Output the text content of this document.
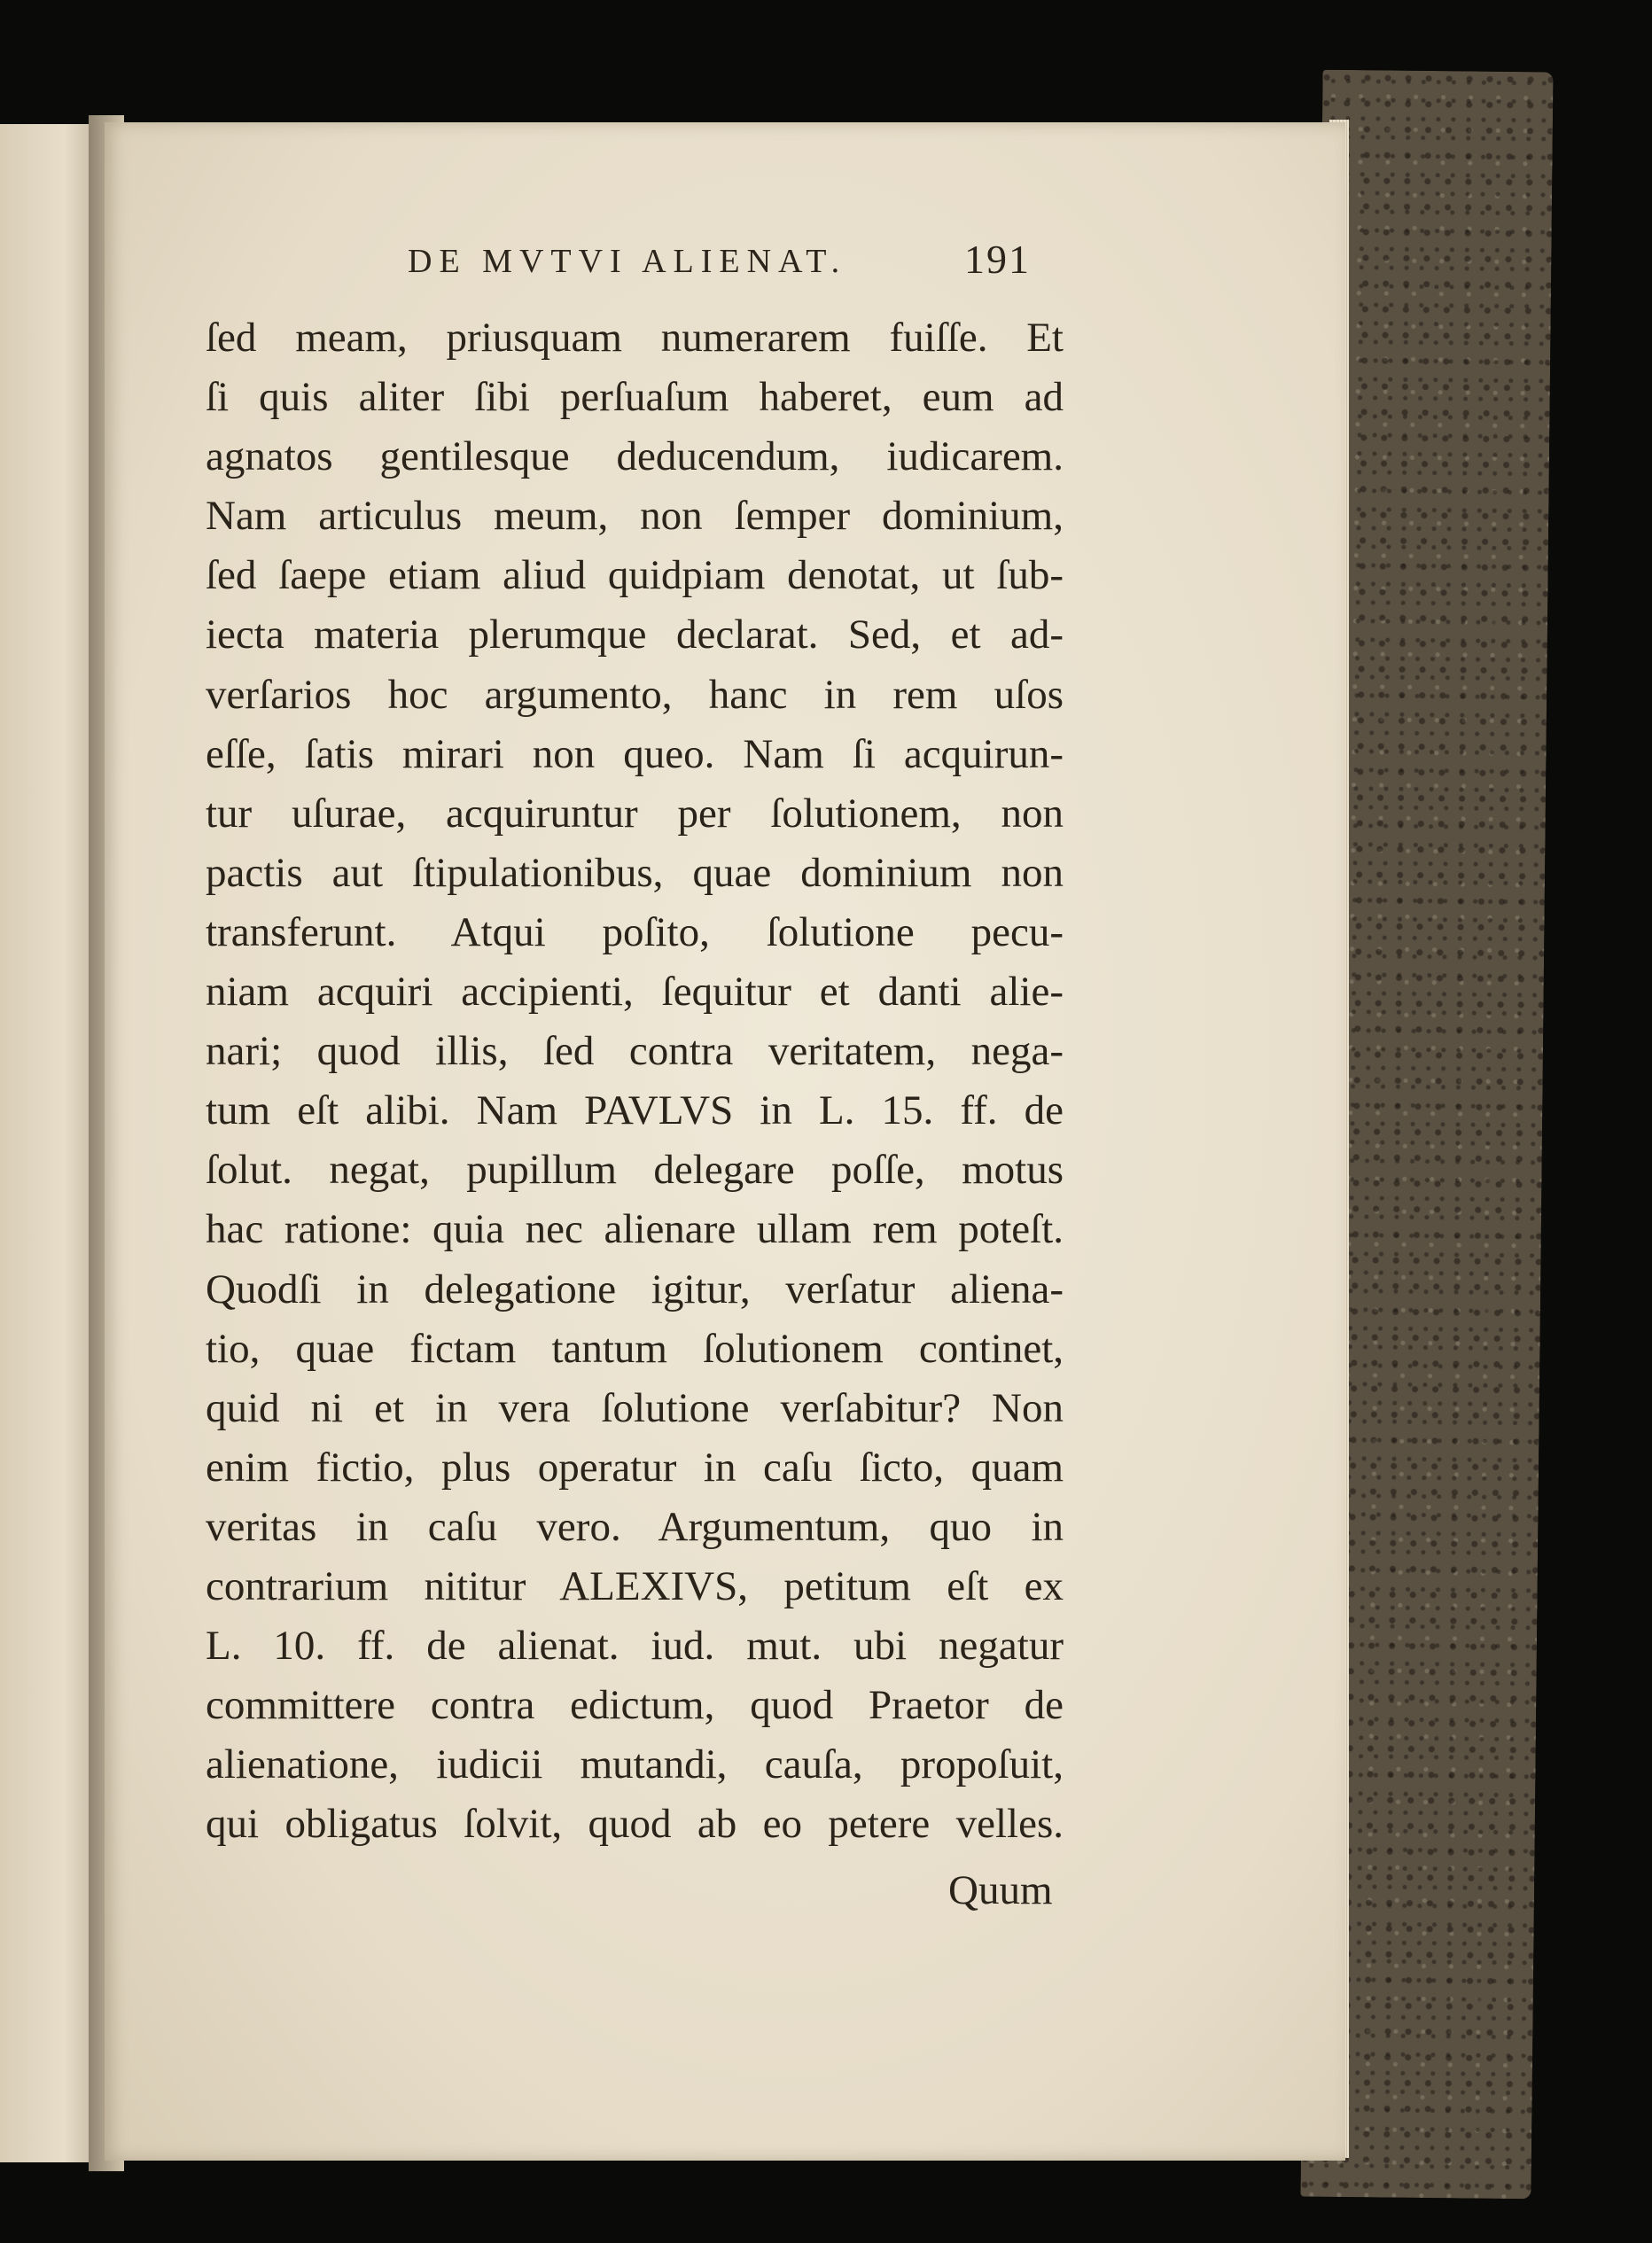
DE MVTVI ALIENAT.	191
ſed meam, priusquam numerarem fuiſſe. Et
ſi quis aliter ſibi perſuaſum haberet, eum ad
agnatos gentilesque deducendum, iudicarem.
Nam articulus meum, non ſemper dominium,
ſed ſaepe etiam aliud quidpiam denotat, ut ſub-
iecta materia plerumque declarat. Sed, et ad-
verſarios hoc argumento, hanc in rem uſos
eſſe, ſatis mirari non queo. Nam ſi acquirun-
tur uſurae, acquiruntur per ſolutionem, non
pactis aut ſtipulationibus, quae dominium non
transferunt. Atqui poſito, ſolutione pecu-
niam acquiri accipienti, ſequitur et danti alie-
nari; quod illis, ſed contra veritatem, nega-
tum eſt alibi. Nam PAVLVS in L. 15. ff. de
ſolut. negat, pupillum delegare poſſe, motus
hac ratione: quia nec alienare ullam rem poteſt.
Quodſi in delegatione igitur, verſatur aliena-
tio, quae fictam tantum ſolutionem continet,
quid ni et in vera ſolutione verſabitur? Non
enim fictio, plus operatur in caſu ſicto, quam
veritas in caſu vero. Argumentum, quo in
contrarium nititur ALEXIVS, petitum eſt ex
L. 10. ff. de alienat. iud. mut. ubi negatur
committere contra edictum, quod Praetor de
alienatione, iudicii mutandi, cauſa, propoſuit,
qui obligatus ſolvit, quod ab eo petere velles.
Quum
